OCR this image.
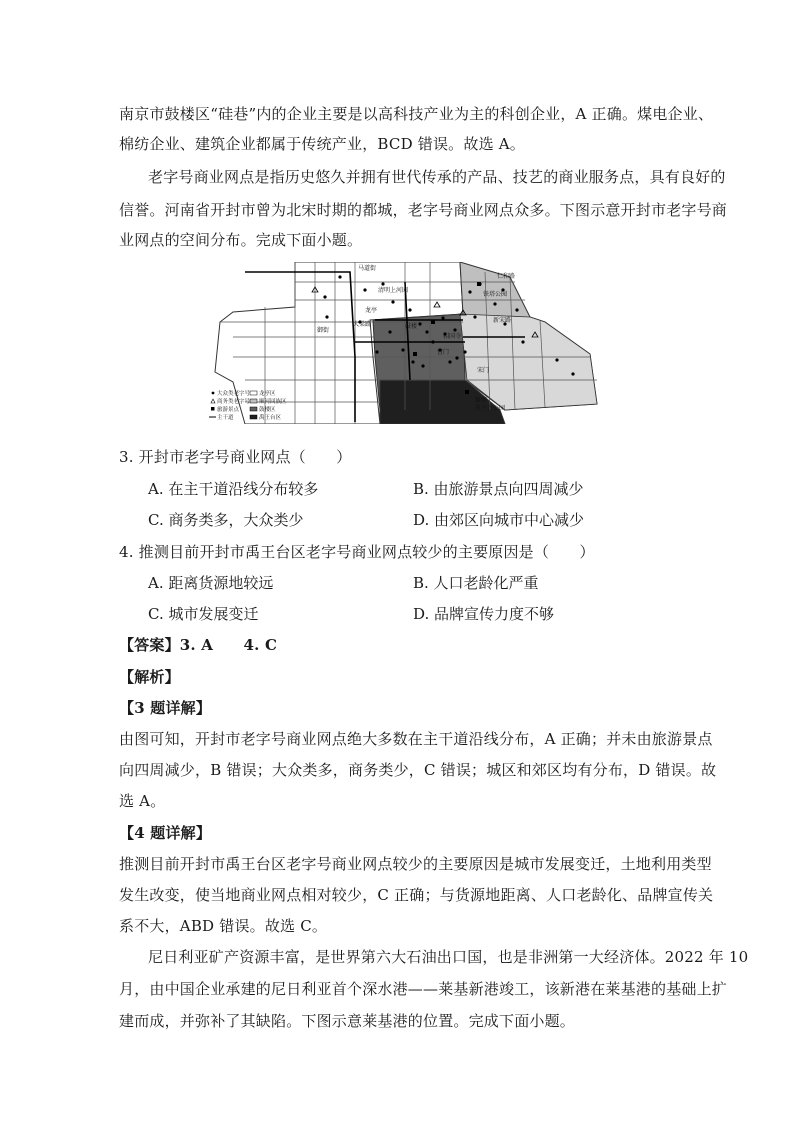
南京市鼓楼区“硅巷”内的企业主要是以高科技产业为主的科创企业，A 正确。煤电企业、
棉纺企业、建筑企业都属于传统产业，BCD 错误。故选 A。
老字号商业网点是指历史悠久并拥有世代传承的产品、技艺的商业服务点，具有良好的
信誉。河南省开封市曾为北宋时期的都城，老字号商业网点众多。下图示意开封市老字号商
业网点的空间分布。完成下面小题。
马道街
清明上河园
大梁路	鼓楼
龙亭
仁和路
铁塔公园
新宋路
曹门
宋门
繁塔
禹王台公园
御街
相国寺
大众类老字号
商务类老字号
旅游景点
主干道
龙亭区
顺河回族区
鼓楼区
禹王台区
3. 开封市老字号商业网点（　　）
A. 在主干道沿线分布较多	B. 由旅游景点向四周减少
C. 商务类多，大众类少	D. 由郊区向城市中心减少
4. 推测目前开封市禹王台区老字号商业网点较少的主要原因是（　　）
A. 距离货源地较远	B. 人口老龄化严重
C. 城市发展变迁	D. 品牌宣传力度不够
【答案】3. A　　4. C
【解析】
【3 题详解】
由图可知，开封市老字号商业网点绝大多数在主干道沿线分布，A 正确；并未由旅游景点
向四周减少，B 错误；大众类多，商务类少，C 错误；城区和郊区均有分布，D 错误。故
选 A。
【4 题详解】
推测目前开封市禹王台区老字号商业网点较少的主要原因是城市发展变迁，土地利用类型
发生改变，使当地商业网点相对较少，C 正确；与货源地距离、人口老龄化、品牌宣传关
系不大，ABD 错误。故选 C。
尼日利亚矿产资源丰富，是世界第六大石油出口国，也是非洲第一大经济体。2022 年 10
月，由中国企业承建的尼日利亚首个深水港——莱基新港竣工，该新港在莱基港的基础上扩
建而成，并弥补了其缺陷。下图示意莱基港的位置。完成下面小题。
